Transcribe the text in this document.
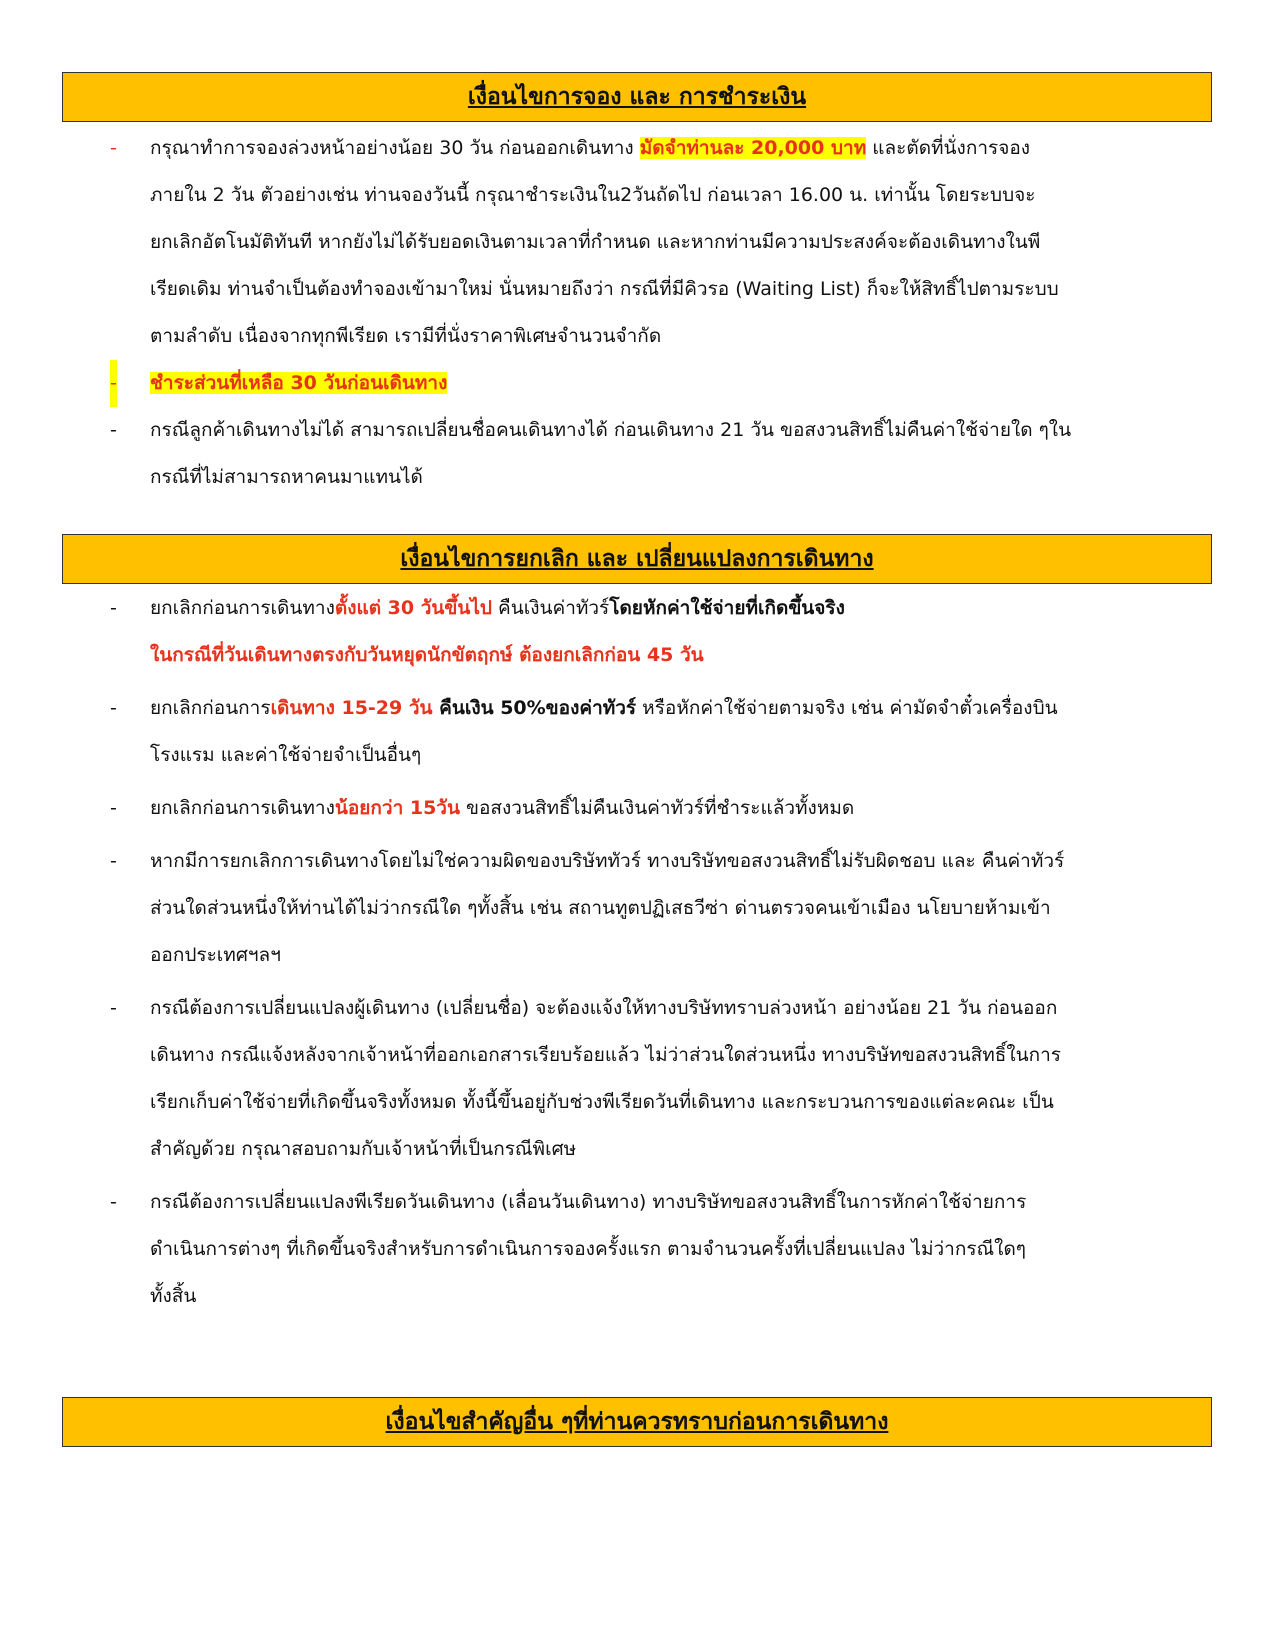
เงื่อนไขการจอง และ การชำระเงิน
- กรุณาทำการจองล่วงหน้าอย่างน้อย 30 วัน ก่อนออกเดินทาง มัดจำท่านละ 20,000 บาท และตัดที่นั่งการจอง
ภายใน 2 วัน ตัวอย่างเช่น ท่านจองวันนี้ กรุณาชำระเงินใน2วันถัดไป ก่อนเวลา 16.00 น. เท่านั้น โดยระบบจะ
ยกเลิกอัตโนมัติทันที หากยังไม่ได้รับยอดเงินตามเวลาที่กำหนด และหากท่านมีความประสงค์จะต้องเดินทางในพี
เรียดเดิม ท่านจำเป็นต้องทำจองเข้ามาใหม่ นั่นหมายถึงว่า กรณีที่มีคิวรอ (Waiting List) ก็จะให้สิทธิ์ไปตามระบบ
ตามลำดับ เนื่องจากทุกพีเรียด เรามีที่นั่งราคาพิเศษจำนวนจำกัด
- ชำระส่วนที่เหลือ 30 วันก่อนเดินทาง
- กรณีลูกค้าเดินทางไม่ได้ สามารถเปลี่ยนชื่อคนเดินทางได้ ก่อนเดินทาง 21 วัน ขอสงวนสิทธิ์ไม่คืนค่าใช้จ่ายใด ๆใน
กรณีที่ไม่สามารถหาคนมาแทนได้
เงื่อนไขการยกเลิก และ เปลี่ยนแปลงการเดินทาง
- ยกเลิกก่อนการเดินทางตั้งแต่ 30 วันขึ้นไป คืนเงินค่าทัวร์โดยหักค่าใช้จ่ายที่เกิดขึ้นจริง
ในกรณีที่วันเดินทางตรงกับวันหยุดนักขัตฤกษ์ ต้องยกเลิกก่อน 45 วัน
- ยกเลิกก่อนการเดินทาง 15-29 วัน คืนเงิน 50%ของค่าทัวร์ หรือหักค่าใช้จ่ายตามจริง เช่น ค่ามัดจำตั๋วเครื่องบิน
โรงแรม และค่าใช้จ่ายจำเป็นอื่นๆ
- ยกเลิกก่อนการเดินทางน้อยกว่า 15วัน ขอสงวนสิทธิ์ไม่คืนเงินค่าทัวร์ที่ชำระแล้วทั้งหมด
- หากมีการยกเลิกการเดินทางโดยไม่ใช่ความผิดของบริษัททัวร์ ทางบริษัทขอสงวนสิทธิ์ไม่รับผิดชอบ และ คืนค่าทัวร์
ส่วนใดส่วนหนึ่งให้ท่านได้ไม่ว่ากรณีใด ๆทั้งสิ้น เช่น สถานทูตปฏิเสธวีซ่า ด่านตรวจคนเข้าเมือง นโยบายห้ามเข้า
ออกประเทศฯลฯ
- กรณีต้องการเปลี่ยนแปลงผู้เดินทาง (เปลี่ยนชื่อ) จะต้องแจ้งให้ทางบริษัททราบล่วงหน้า อย่างน้อย 21 วัน ก่อนออก
เดินทาง กรณีแจ้งหลังจากเจ้าหน้าที่ออกเอกสารเรียบร้อยแล้ว ไม่ว่าส่วนใดส่วนหนึ่ง ทางบริษัทขอสงวนสิทธิ์ในการ
เรียกเก็บค่าใช้จ่ายที่เกิดขึ้นจริงทั้งหมด ทั้งนี้ขึ้นอยู่กับช่วงพีเรียดวันที่เดินทาง และกระบวนการของแต่ละคณะ เป็น
สำคัญด้วย กรุณาสอบถามกับเจ้าหน้าที่เป็นกรณีพิเศษ
- กรณีต้องการเปลี่ยนแปลงพีเรียดวันเดินทาง (เลื่อนวันเดินทาง) ทางบริษัทขอสงวนสิทธิ์ในการหักค่าใช้จ่ายการ
ดำเนินการต่างๆ ที่เกิดขึ้นจริงสำหรับการดำเนินการจองครั้งแรก ตามจำนวนครั้งที่เปลี่ยนแปลง ไม่ว่ากรณีใดๆ
ทั้งสิ้น
เงื่อนไขสำคัญอื่น ๆที่ท่านควรทราบก่อนการเดินทาง
